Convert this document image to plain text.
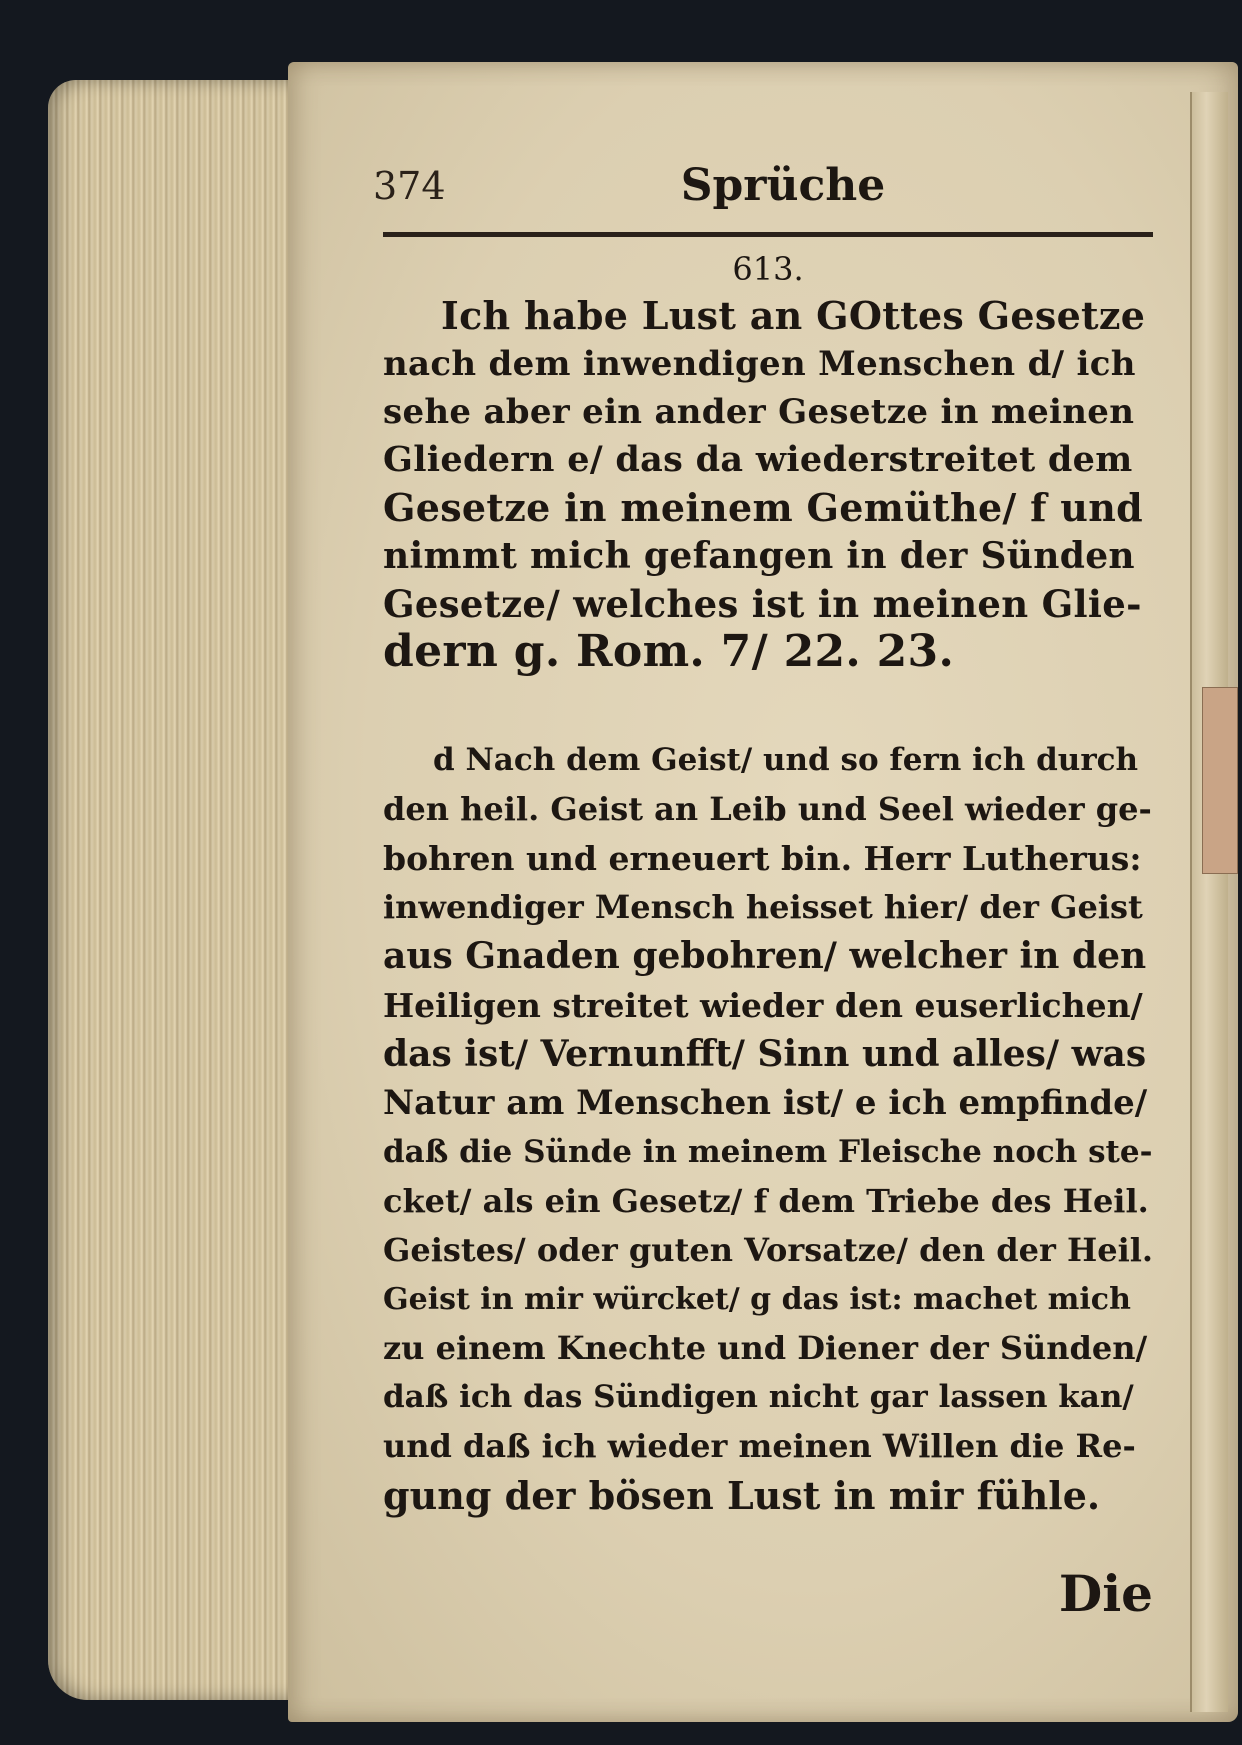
374	Sprüche
613.
Ich habe Lust an GOttes Gesetze
nach dem inwendigen Menschen d/ ich
sehe aber ein ander Gesetze in meinen
Gliedern e/ das da wiederstreitet dem
Gesetze in meinem Gemüthe/ f und
nimmt mich gefangen in der Sünden
Gesetze/ welches ist in meinen Glie-
dern g. Rom. 7/ 22. 23.
d Nach dem Geist/ und so fern ich durch
den heil. Geist an Leib und Seel wieder ge-
bohren und erneuert bin. Herr Lutherus:
inwendiger Mensch heisset hier/ der Geist
aus Gnaden gebohren/ welcher in den
Heiligen streitet wieder den euserlichen/
das ist/ Vernunfft/ Sinn und alles/ was
Natur am Menschen ist/ e ich empfinde/
daß die Sünde in meinem Fleische noch ste-
cket/ als ein Gesetz/ f dem Triebe des Heil.
Geistes/ oder guten Vorsatze/ den der Heil.
Geist in mir würcket/ g das ist: machet mich
zu einem Knechte und Diener der Sünden/
daß ich das Sündigen nicht gar lassen kan/
und daß ich wieder meinen Willen die Re-
gung der bösen Lust in mir fühle.
Die
